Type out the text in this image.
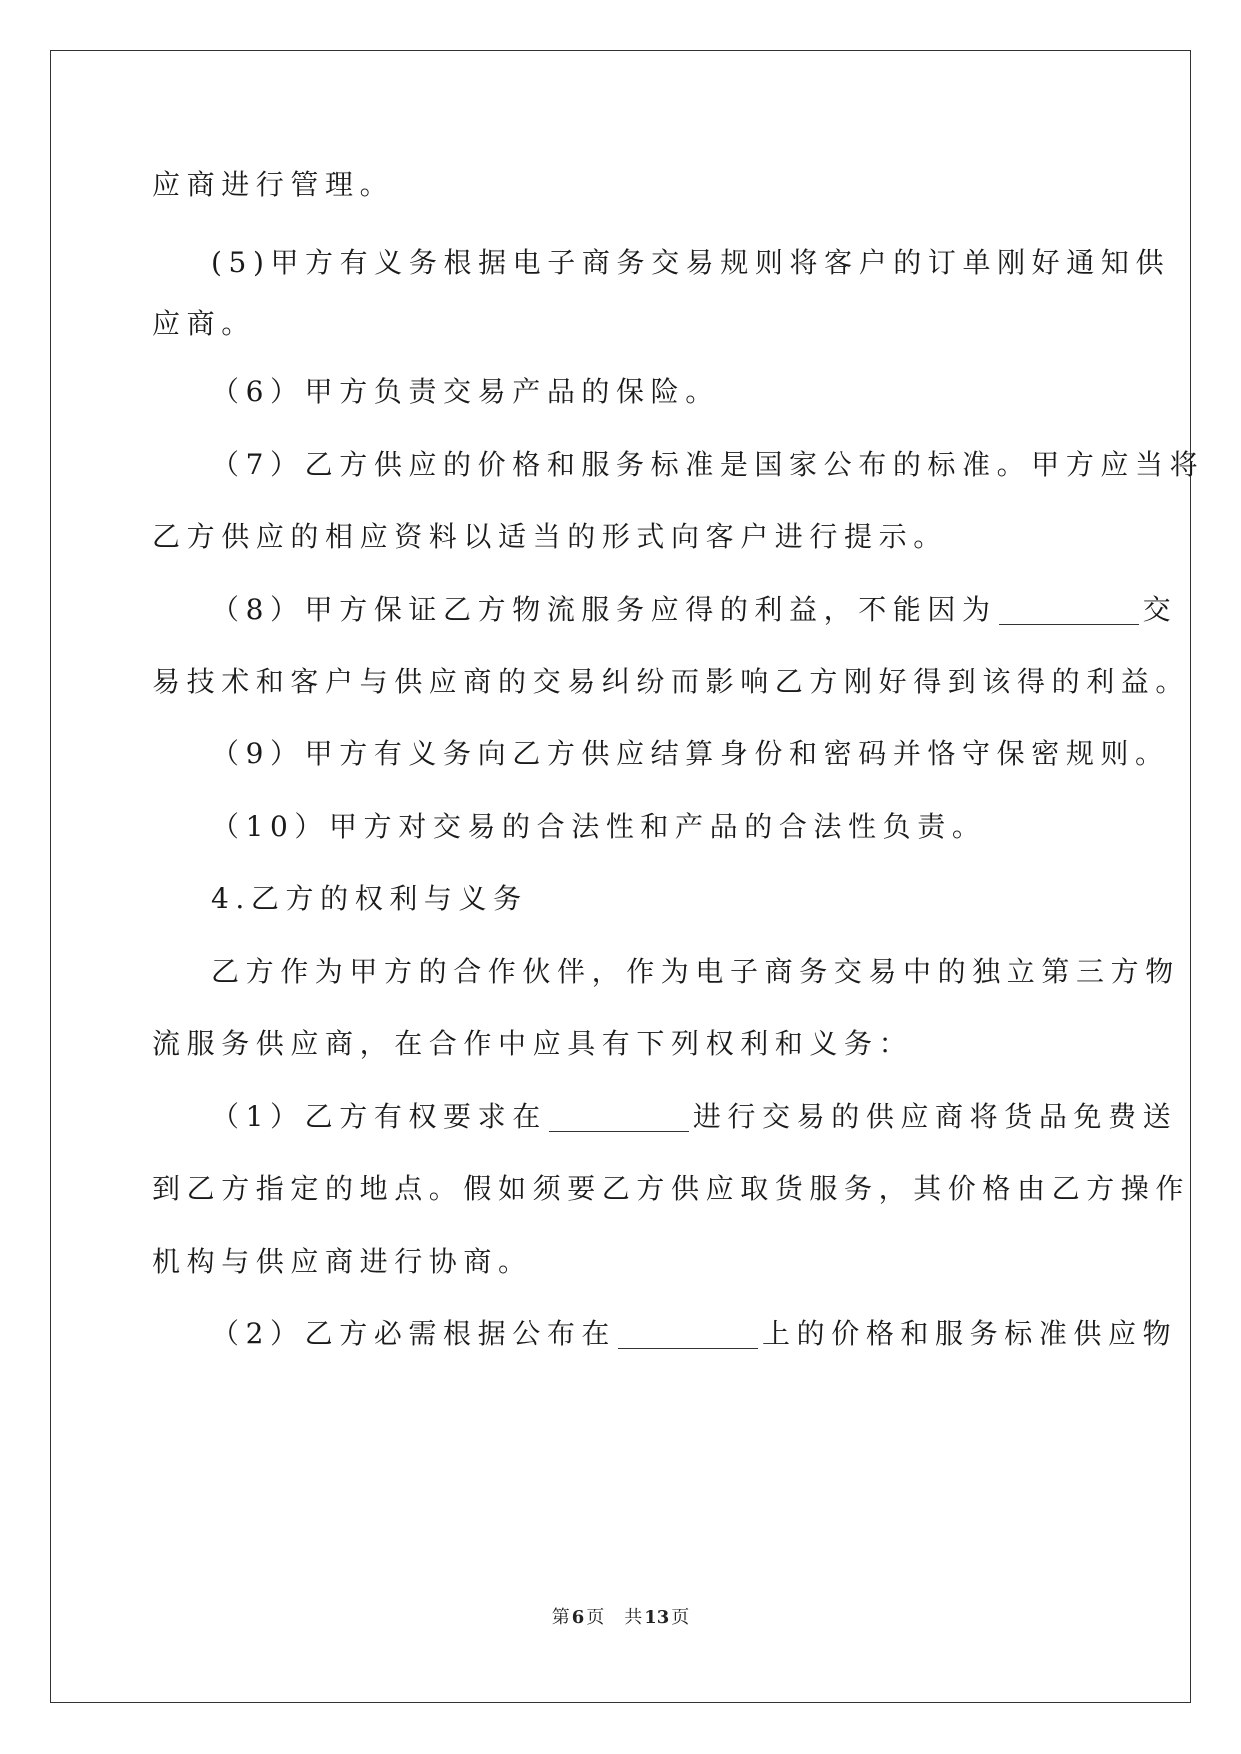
应商进行管理。
(5)甲方有义务根据电子商务交易规则将客户的订单刚好通知供
应商。
（6）甲方负责交易产品的保险。
（7）乙方供应的价格和服务标准是国家公布的标准。甲方应当将
乙方供应的相应资料以适当的形式向客户进行提示。
（8）甲方保证乙方物流服务应得的利益，不能因为	交
易技术和客户与供应商的交易纠纷而影响乙方刚好得到该得的利益。
（9）甲方有义务向乙方供应结算身份和密码并恪守保密规则。
（10）甲方对交易的合法性和产品的合法性负责。
4.乙方的权利与义务
乙方作为甲方的合作伙伴，作为电子商务交易中的独立第三方物
流服务供应商，在合作中应具有下列权利和义务：
（1）乙方有权要求在	进行交易的供应商将货品免费送
到乙方指定的地点。假如须要乙方供应取货服务，其价格由乙方操作
机构与供应商进行协商。
（2）乙方必需根据公布在	上的价格和服务标准供应物
第 6 页 共 13 页
